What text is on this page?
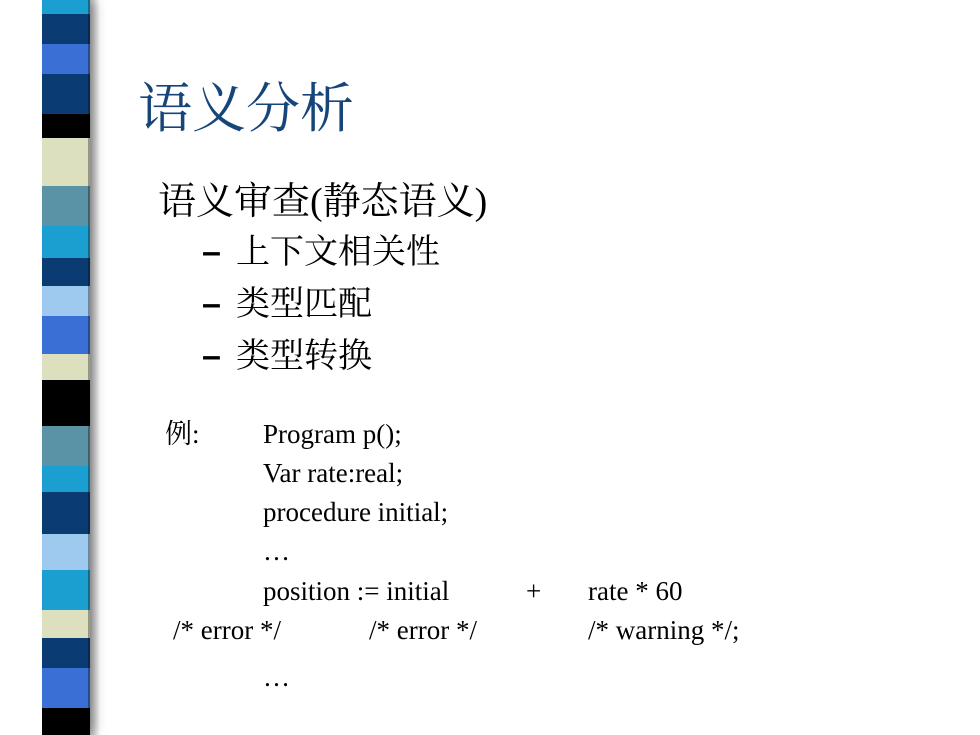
语义分析
语义审查(静态语义)
– 上下文相关性
– 类型匹配
– 类型转换
例: Program p();
Var rate:real;
procedure initial;
…
position := initial	+ rate * 60
/* error */	/* error */	/* warning */;
…
